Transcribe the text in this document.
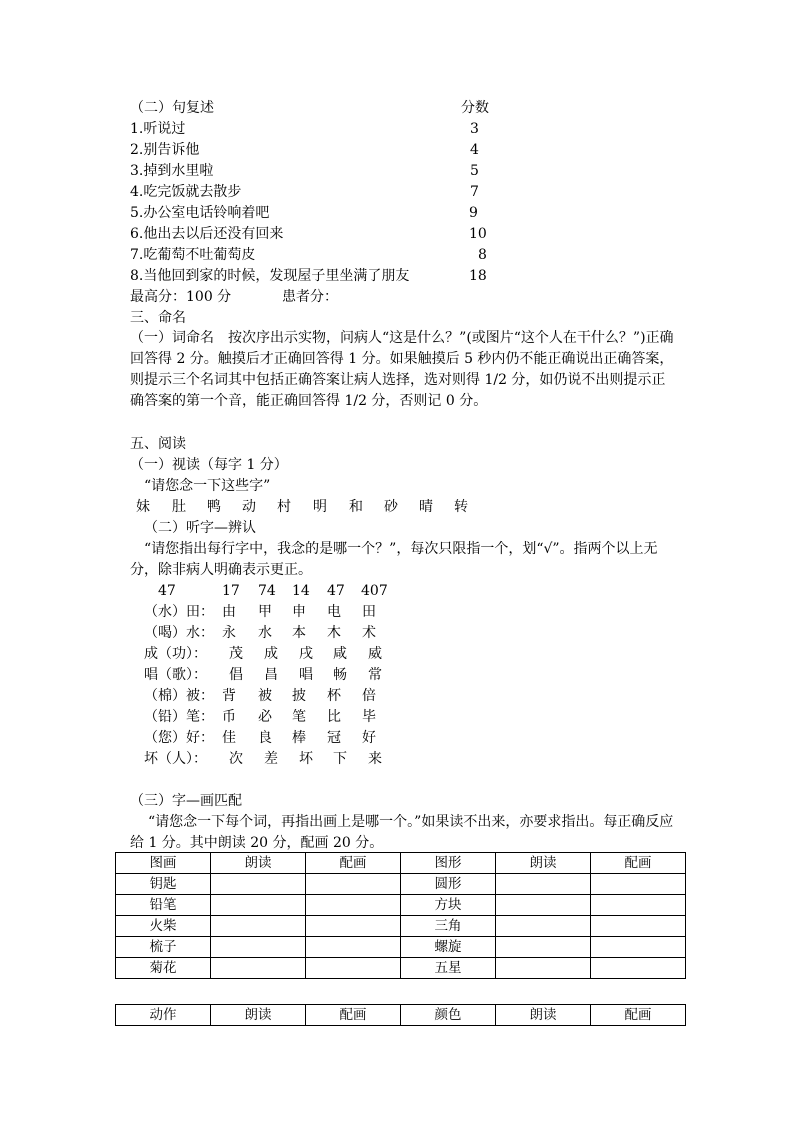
（二）句复述	分数
1.听说过	3
2.别告诉他	4
3.掉到水里啦	5
4.吃完饭就去散步	7
5.办公室电话铃响着吧	9
6.他出去以后还没有回来	10
7.吃葡萄不吐葡萄皮	8
8.当他回到家的时候，发现屋子里坐满了朋友	18
最高分：100 分	患者分：
三、命名
（一）词命名　按次序出示实物，问病人“这是什么？”(或图片“这个人在干什么？”)正确回答得 2 分。触摸后才正确回答得 1 分。如果触摸后 5 秒内仍不能正确说出正确答案，则提示三个名词其中包括正确答案让病人选择，选对则得 1/2 分，如仍说不出则提示正确答案的第一个音，能正确回答得 1/2 分，否则记 0 分。
五、阅读
（一）视读（每字 1 分）
“请您念一下这些字”
妹 肚 鸭 动 村 明 和 砂 晴 转
（二）听字—辨认
“请您指出每行字中，我念的是哪一个？”，每次只限指一个，划“√”。指两个以上无分，除非病人明确表示更正。
47	17 74 14 47 407
（水）田： 由 甲 申 电 田
（喝）水： 永 水 本 木 术
成（功）： 茂 成 戌 咸 威
唱（歌）： 倡 昌 唱 畅 常
（棉）被： 背 被 披 杯 倍
（铅）笔： 币 必 笔 比 毕
（您）好： 佳 良 棒 冠 好
坏（人）： 次 差 坏 下 来
（三）字—画匹配
“请您念一下每个词，再指出画上是哪一个。”如果读不出来，亦要求指出。每正确反应给 1 分。其中朗读 20 分，配画 20 分。
图画	朗读	配画	图形	朗读	配画
钥匙			圆形		
铅笔			方块		
火柴			三角		
梳子			螺旋		
菊花			五星		
动作	朗读	配画	颜色	朗读	配画
